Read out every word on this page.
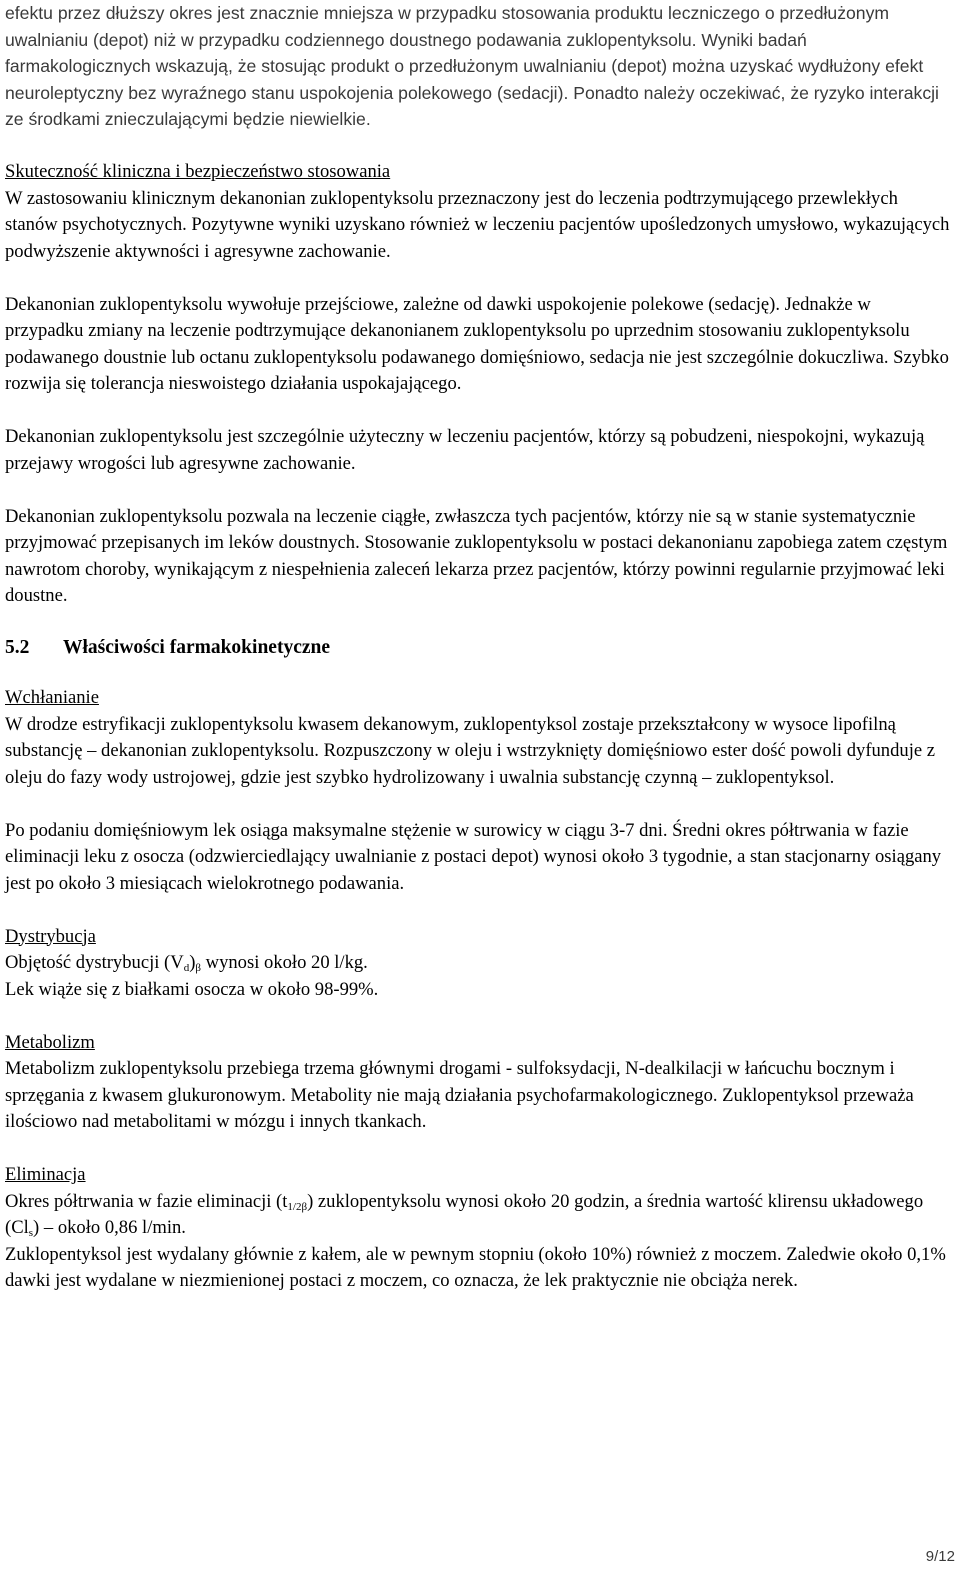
efektu przez dłuższy okres jest znacznie mniejsza w przypadku stosowania produktu leczniczego o przedłużonym uwalnianiu (depot) niż w przypadku codziennego doustnego podawania zuklopentyksolu. Wyniki badań farmakologicznych wskazują, że stosując produkt o przedłużonym uwalnianiu (depot) można uzyskać wydłużony efekt neuroleptyczny bez wyraźnego stanu uspokojenia polekowego (sedacji). Ponadto należy oczekiwać, że ryzyko interakcji ze środkami znieczulającymi będzie niewielkie.

Skuteczność kliniczna i bezpieczeństwo stosowania

W zastosowaniu klinicznym dekanonian zuklopentyksolu przeznaczony jest do leczenia podtrzymującego przewlekłych stanów psychotycznych. Pozytywne wyniki uzyskano również w leczeniu pacjentów upośledzonych umysłowo, wykazujących podwyższenie aktywności i agresywne zachowanie.

Dekanonian zuklopentyksolu wywołuje przejściowe, zależne od dawki uspokojenie polekowe (sedację). Jednakże w przypadku zmiany na leczenie podtrzymujące dekanonianem zuklopentyksolu po uprzednim stosowaniu zuklopentyksolu podawanego doustnie lub octanu zuklopentyksolu podawanego domięśniowo, sedacja nie jest szczególnie dokuczliwa. Szybko rozwija się tolerancja nieswoistego działania uspokajającego.

Dekanonian zuklopentyksolu jest szczególnie użyteczny w leczeniu pacjentów, którzy są pobudzeni, niespokojni, wykazują przejawy wrogości lub agresywne zachowanie.

Dekanonian zuklopentyksolu pozwala na leczenie ciągłe, zwłaszcza tych pacjentów, którzy nie są w stanie systematycznie przyjmować przepisanych im leków doustnych. Stosowanie zuklopentyksolu w postaci dekanonianu zapobiega zatem częstym nawrotom choroby, wynikającym z niespełnienia zaleceń lekarza przez pacjentów, którzy powinni regularnie przyjmować leki doustne.

5.2 Właściwości farmakokinetyczne

Wchłanianie

W drodze estryfikacji zuklopentyksolu kwasem dekanowym, zuklopentyksol zostaje przekształcony w wysoce lipofilną substancję – dekanonian zuklopentyksolu. Rozpuszczony w oleju i wstrzyknięty domięśniowo ester dość powoli dyfunduje z oleju do fazy wody ustrojowej, gdzie jest szybko hydrolizowany i uwalnia substancję czynną – zuklopentyksol.

Po podaniu domięśniowym lek osiąga maksymalne stężenie w surowicy w ciągu 3-7 dni. Średni okres półtrwania w fazie eliminacji leku z osocza (odzwierciedlający uwalnianie z postaci depot) wynosi około 3 tygodnie, a stan stacjonarny osiągany jest po około 3 miesiącach wielokrotnego podawania.

Dystrybucja

Objętość dystrybucji $(V_d)_\beta$ wynosi około 20 l/kg.

Lek wiąże się z białkami osocza w około 98-99%.

Metabolizm

Metabolizm zuklopentyksolu przebiega trzema głównymi drogami - sulfoksydacji, N-dealkilacji w łańcuchu bocznym i sprzęgania z kwasem glukuronowym. Metabolity nie mają działania psychofarmakologicznego. Zuklopentyksol przeważa ilościowo nad metabolitami w mózgu i innych tkankach.

Eliminacja

Okres półtrwania w fazie eliminacji $(t_{1/2\beta})$ zuklopentyksolu wynosi około 20 godzin, a średnia wartość klirensu układowego $(Cl_s)$ – około 0,86 l/min.

Zuklopentyksol jest wydalany głównie z kałem, ale w pewnym stopniu (około 10%) również z moczem. Zaledwie około 0,1% dawki jest wydalane w niezmienionej postaci z moczem, co oznacza, że lek praktycznie nie obciąża nerek.

9/12
